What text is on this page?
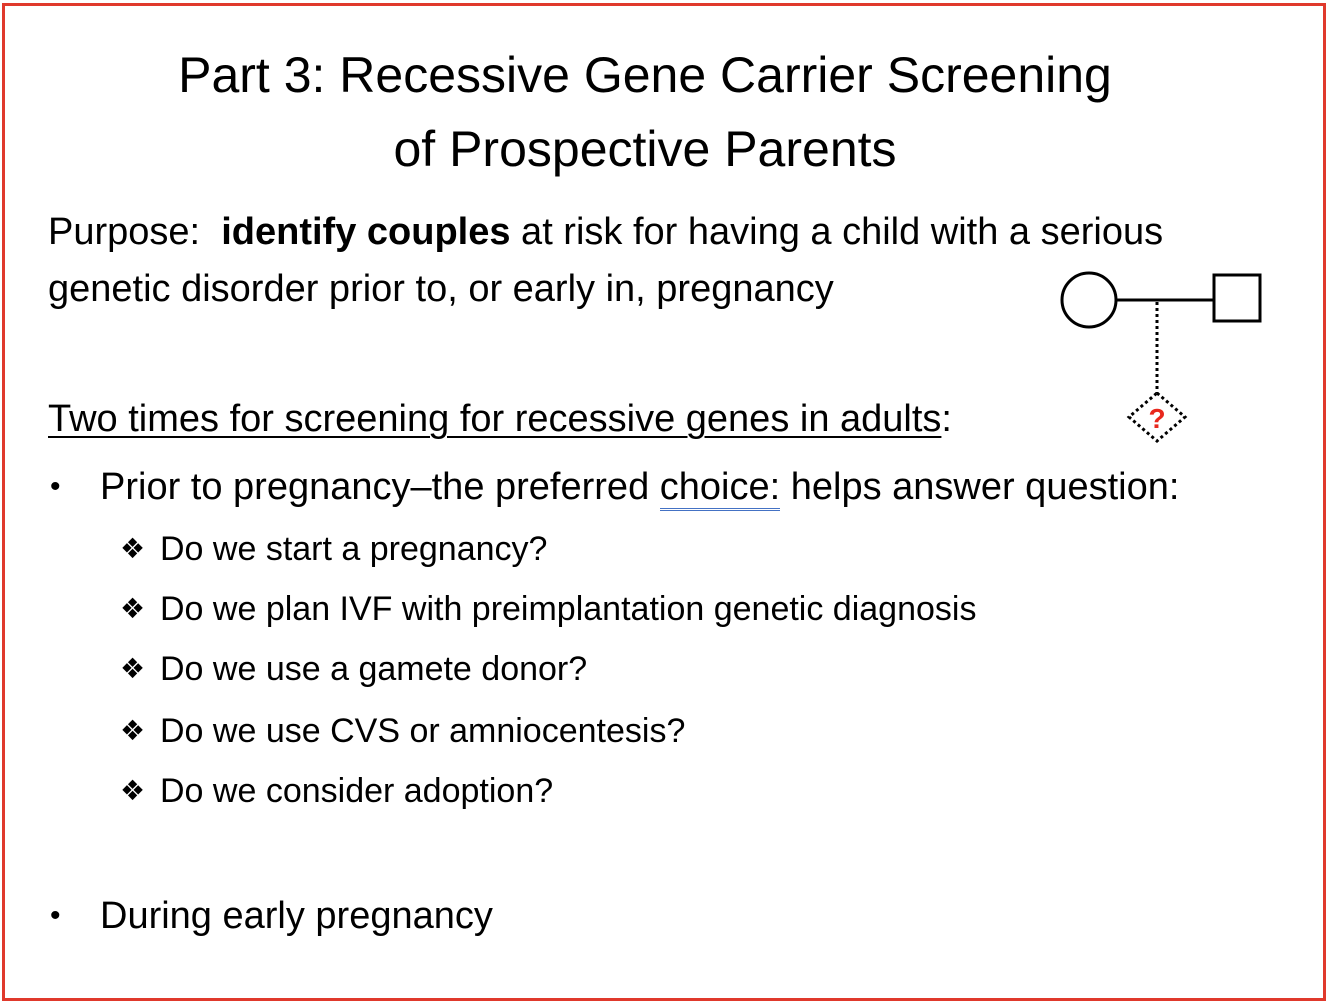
Part 3: Recessive Gene Carrier Screening
of Prospective Parents
Purpose: identify couples at risk for having a child with a serious
genetic disorder prior to, or early in, pregnancy
Two times for screening for recessive genes in adults:
• Prior to pregnancy–the preferred choice: helps answer question:
❖ Do we start a pregnancy?
❖ Do we plan IVF with preimplantation genetic diagnosis
❖ Do we use a gamete donor?
❖ Do we use CVS or amniocentesis?
❖ Do we consider adoption?
• During early pregnancy
?
